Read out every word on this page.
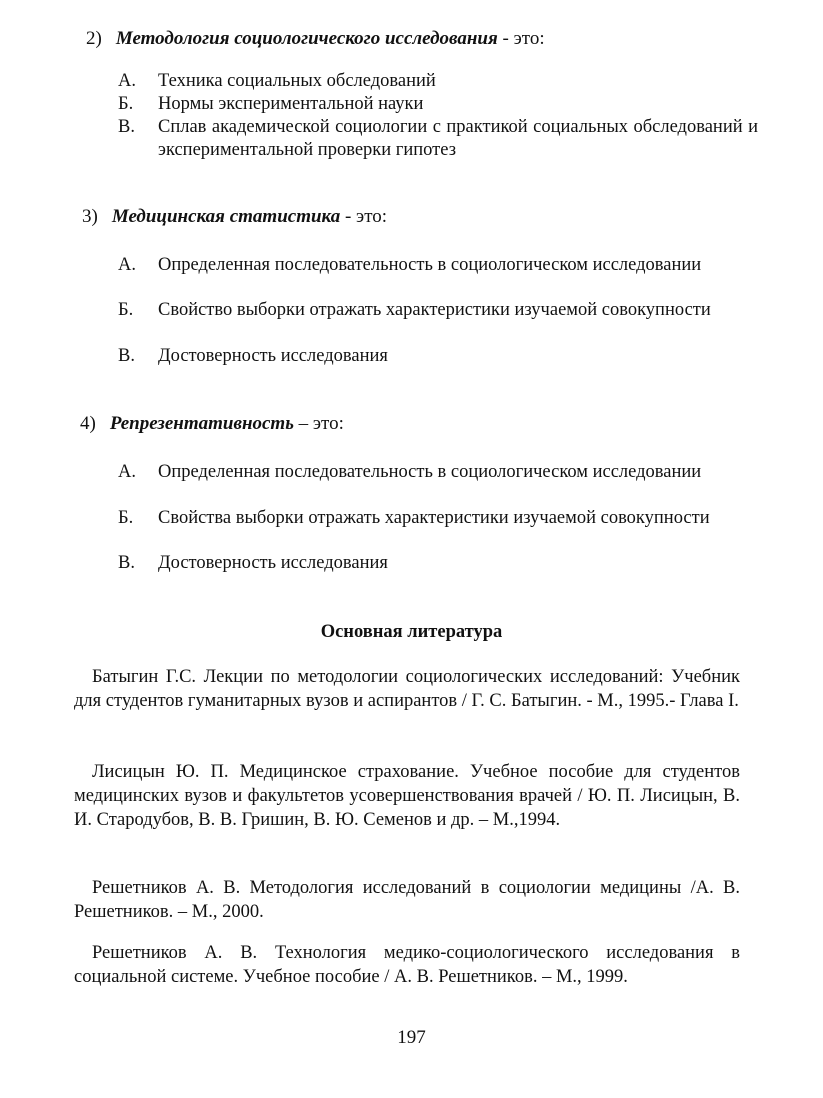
2) Методология социологического исследования - это:
А.	Техника социальных обследований
Б.	Нормы экспериментальной науки
В.	Сплав академической социологии с практикой социальных обследований и экспериментальной проверки гипотез
3) Медицинская статистика - это:
А.	Определенная последовательность в социологическом исследовании
Б.	Свойство выборки отражать характеристики изучаемой совокупности
В.	Достоверность исследования
4) Репрезентативность – это:
А.	Определенная последовательность в социологическом исследовании
Б.	Свойства выборки отражать характеристики изучаемой совокупности
В.	Достоверность исследования
Основная литература
Батыгин Г.С. Лекции по методологии социологических исследований: Учебник для студентов гуманитарных вузов и аспирантов / Г. С. Батыгин. - М., 1995.- Глава I.
Лисицын Ю. П. Медицинское страхование. Учебное пособие для студентов медицинских вузов и факультетов усовершенствования врачей / Ю. П. Лисицын, В. И. Стародубов, В. В. Гришин, В. Ю. Семенов и др. – М.,1994.
Решетников А. В. Методология исследований в социологии медицины /А. В. Решетников. – М., 2000.
Решетников А. В. Технология медико-социологического исследования в социальной системе. Учебное пособие / А. В. Решетников. – М., 1999.
197
